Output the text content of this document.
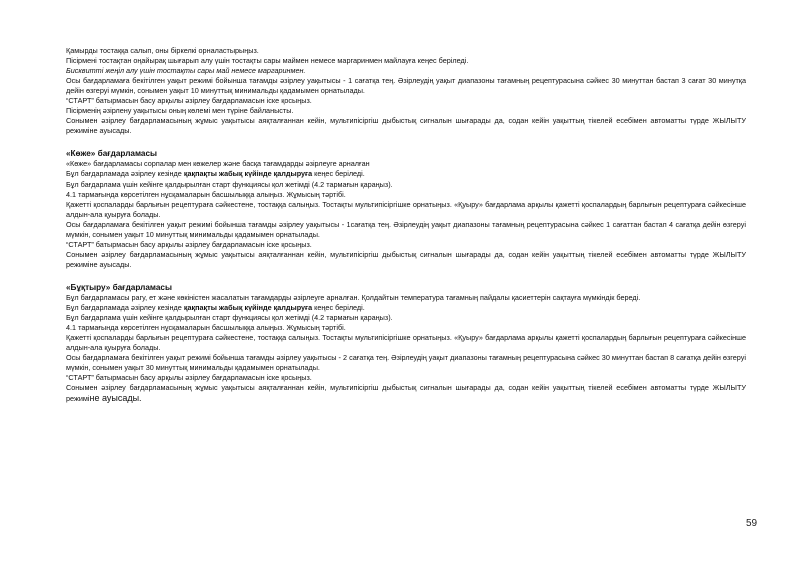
Қамырды тостаққа салып, оны біркелкі орналастырыңыз.

Пісірмені тостақтан оңайырақ шығарып алу үшін тостақты сары маймен немесе маргаринмен майлауға кеңес беріледі.

Бисквитті жеңіл алу үшін тостақты сары май немесе маргаринмен.

Осы бағдарламаға бекітілген уақыт режимі бойынша тағамды әзірлеу уақытысы - 1 сағатқа тең. Әзірлеудің уақыт диапазоны тағамның рецептурасына сәйкес 30 минуттан бастап 3 сағат 30 минутқа дейін өзгеруі мүмкін, сонымен уақыт 10 минуттық минимальды қадамымен орнатылады.

“СТАРТ” батырмасын басу арқылы әзірлеу бағдарламасын іске қосыңыз.

Пісірменің әзірлену уақытысы оның көлемі мен түріне байланысты.

Сонымен әзірлеу бағдарламасының жұмыс уақытысы аяқталғаннан кейін, мультипісіргіш дыбыстық сигналын шығарады да, содан кейін уақыттың тікелей есебімен автоматты түрде ЖЫЛЫТУ режиміне ауысады.

«Көже» бағдарламасы

«Көже» бағдарламасы сорпалар мен көжелер және басқа тағамдарды әзірлеуге арналған

Бұл бағдарламада әзірлеу кезінде қақпақты жабық күйінде қалдыруға кеңес беріледі.

Бұл бағдарлама үшін кейінге қалдырылған старт функциясы қол жетімді (4.2 тармағын қараңыз).

4.1 тармағында көрсетілген нұсқамаларын басшылыққа алыңыз. Жұмысың тәртібі.

Қажетті қоспаларды барлығын рецептураға сәйкестене, тостаққа салыңыз. Тостақты мультипісіргішке орнатыңыз. «Қуыру» бағдарлама арқылы қажетті қоспалардың барлығын рецептураға сәйкесінше алдын-ала қуыруға болады.

Осы бағдарламаға бекітілген уақыт режимі бойынша тағамды әзірлеу уақытысы - 1сағатқа тең. Әзірлеудің уақыт диапазоны тағамның рецептурасына сәйкес 1 сағаттан бастап 4 сағатқа дейін өзгеруі мүмкін, сонымен уақыт 10 минуттық минимальды қадамымен орнатылады.

“СТАРТ” батырмасын басу арқылы әзірлеу бағдарламасын іске қосыңыз.

Сонымен әзірлеу бағдарламасының жұмыс уақытысы аяқталғаннан кейін, мультипісіргіш дыбыстық сигналын шығарады да, содан кейін уақыттың тікелей есебімен автоматты түрде ЖЫЛЫТУ режиміне ауысады.

«Бұқтыру» бағдарламасы

Бұл бағдарламасы рагу, ет және көкіністен жасалатын тағамдарды әзірлеуге арналған. Қолдайтын температура тағамның пайдалы қасиеттерін сақтауға мүмкіндік береді.

Бұл бағдарламада әзірлеу кезінде қақпақты жабық күйінде қалдыруға кеңес беріледі.

Бұл бағдарлама үшін кейінге қалдырылған старт функциясы қол жетімді (4.2 тармағын қараңыз).

4.1 тармағында көрсетілген нұсқамаларын басшылыққа алыңыз. Жұмысың тәртібі.

Қажетті қоспаларды барлығын рецептураға сәйкестене, тостаққа салыңыз. Тостақты мультипісіргішке орнатыңыз. «Қуыру» бағдарлама арқылы қажетті қоспалардың барлығын рецептураға сәйкесінше алдын-ала қуыруға болады.

Осы бағдарламаға бекітілген уақыт режимі бойынша тағамды әзірлеу уақытысы - 2 сағатқа тең. Әзірлеудің уақыт диапазоны тағамның рецептурасына сәйкес 30 минуттан бастап 8 сағатқа дейін өзгеруі мүмкін, сонымен уақыт 30 минуттық минимальды қадамымен орнатылады.

“СТАРТ” батырмасын басу арқылы әзірлеу бағдарламасын іске қосыңыз.

Сонымен әзірлеу бағдарламасының жұмыс уақытысы аяқталғаннан кейін, мультипісіргіш дыбыстық сигналын шығарады да, содан кейін уақыттың тікелей есебімен автоматты түрде ЖЫЛЫТУ режиміне ауысады.

59
